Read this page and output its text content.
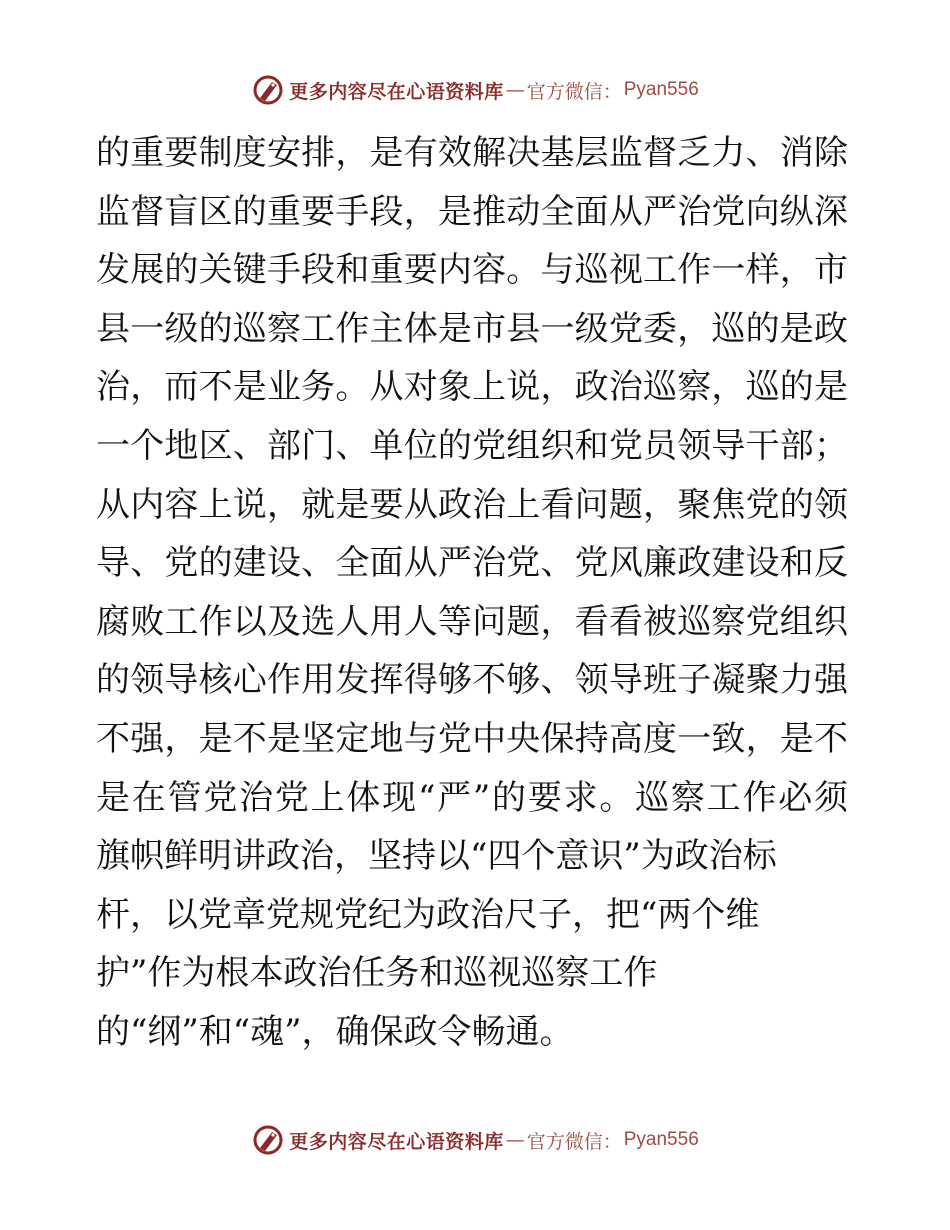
更多内容尽在心语资料库 — 官方微信： Pyan556
的重要制度安排，是有效解决基层监督乏力、消除
监督盲区的重要手段，是推动全面从严治党向纵深
发展的关键手段和重要内容。与巡视工作一样，市
县一级的巡察工作主体是市县一级党委，巡的是政
治，而不是业务。从对象上说，政治巡察，巡的是
一个地区、部门、单位的党组织和党员领导干部；
从内容上说，就是要从政治上看问题，聚焦党的领
导、党的建设、全面从严治党、党风廉政建设和反
腐败工作以及选人用人等问题，看看被巡察党组织
的领导核心作用发挥得够不够、领导班子凝聚力强
不强，是不是坚定地与党中央保持高度一致，是不
是在管党治党上体现“严”的要求。巡察工作必须
旗帜鲜明讲政治，坚持以“四个意识”为政治标
杆，以党章党规党纪为政治尺子，把“两个维
护”作为根本政治任务和巡视巡察工作
的“纲”和“魂”，确保政令畅通。
更多内容尽在心语资料库 — 官方微信： Pyan556
